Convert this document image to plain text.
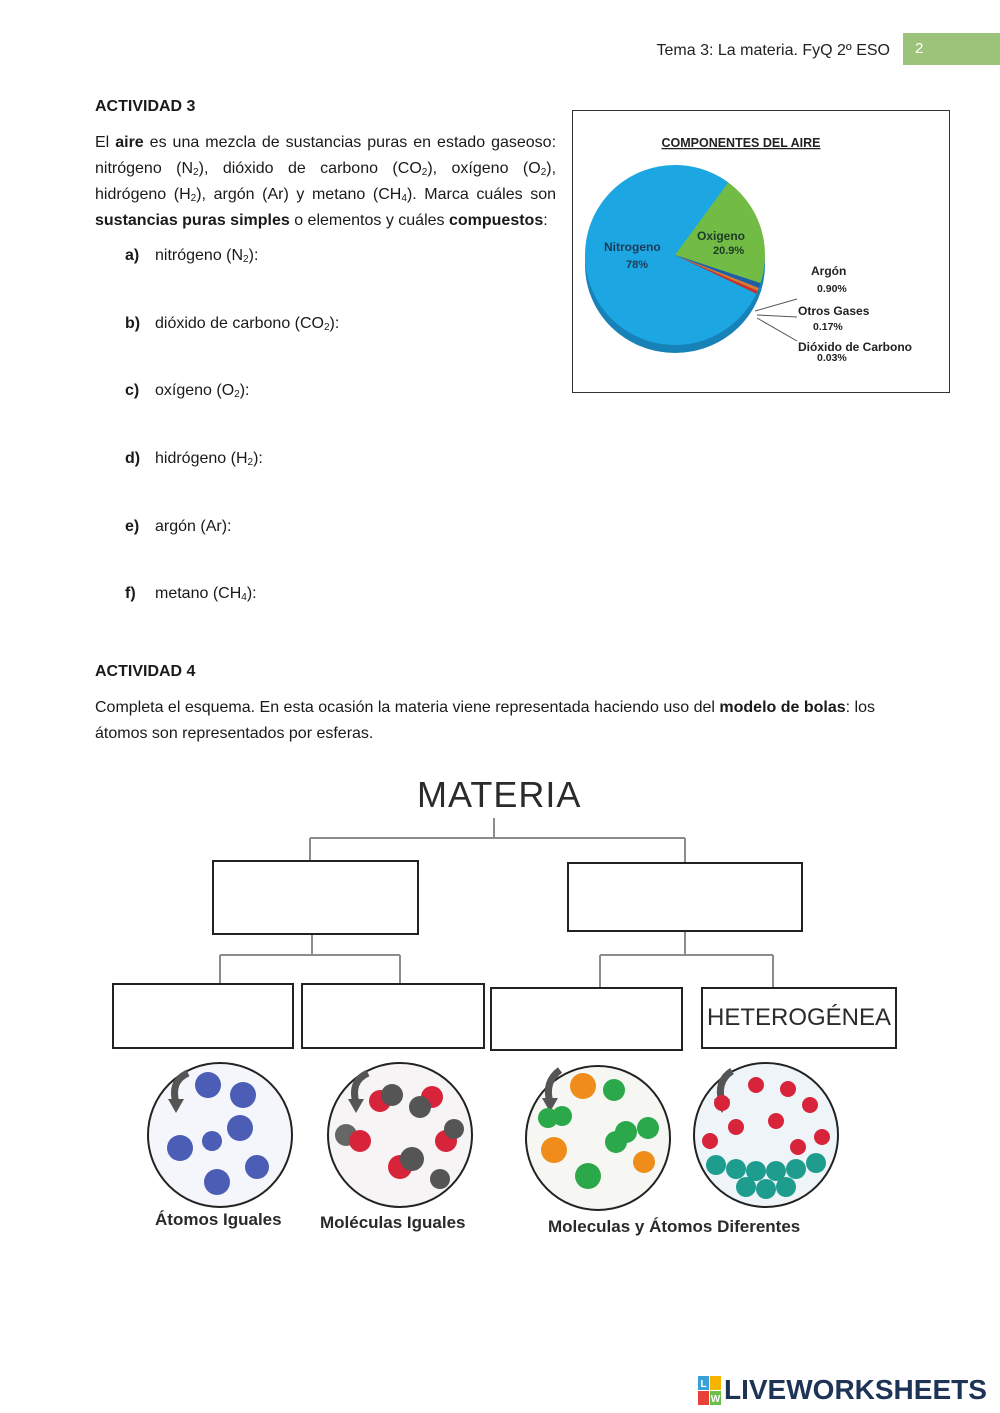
Tema 3: La materia. FyQ 2º ESO	2
ACTIVIDAD 3
El aire es una mezcla de sustancias puras en estado gaseoso: nitrógeno $(N_2)$, dióxido de carbono $(CO_2)$, oxígeno $(O_2)$, hidrógeno $(H_2)$, argón (Ar) y metano $(CH_4)$. Marca cuáles son sustancias puras simples o elementos y cuáles compuestos:
a) nitrógeno $(N_2)$:
b) dióxido de carbono $(CO_2)$:
c) oxígeno $(O_2)$:
d) hidrógeno $(H_2)$:
e) argón (Ar):
f) metano $(CH_4)$:
COMPONENTES DEL AIRE
Nitrogeno
78%
Oxigeno
20.9%
Argón
0.90%
Otros Gases
0.17%
Dióxido de Carbono
0.03%
ACTIVIDAD 4
Completa el esquema. En esta ocasión la materia viene representada haciendo uso del modelo de bolas: los átomos son representados por esferas.
MATERIA
HETEROGÉNEA
Átomos Iguales Moléculas Iguales	Moleculas y Átomos Diferentes
L
W LIVEWORKSHEETS
